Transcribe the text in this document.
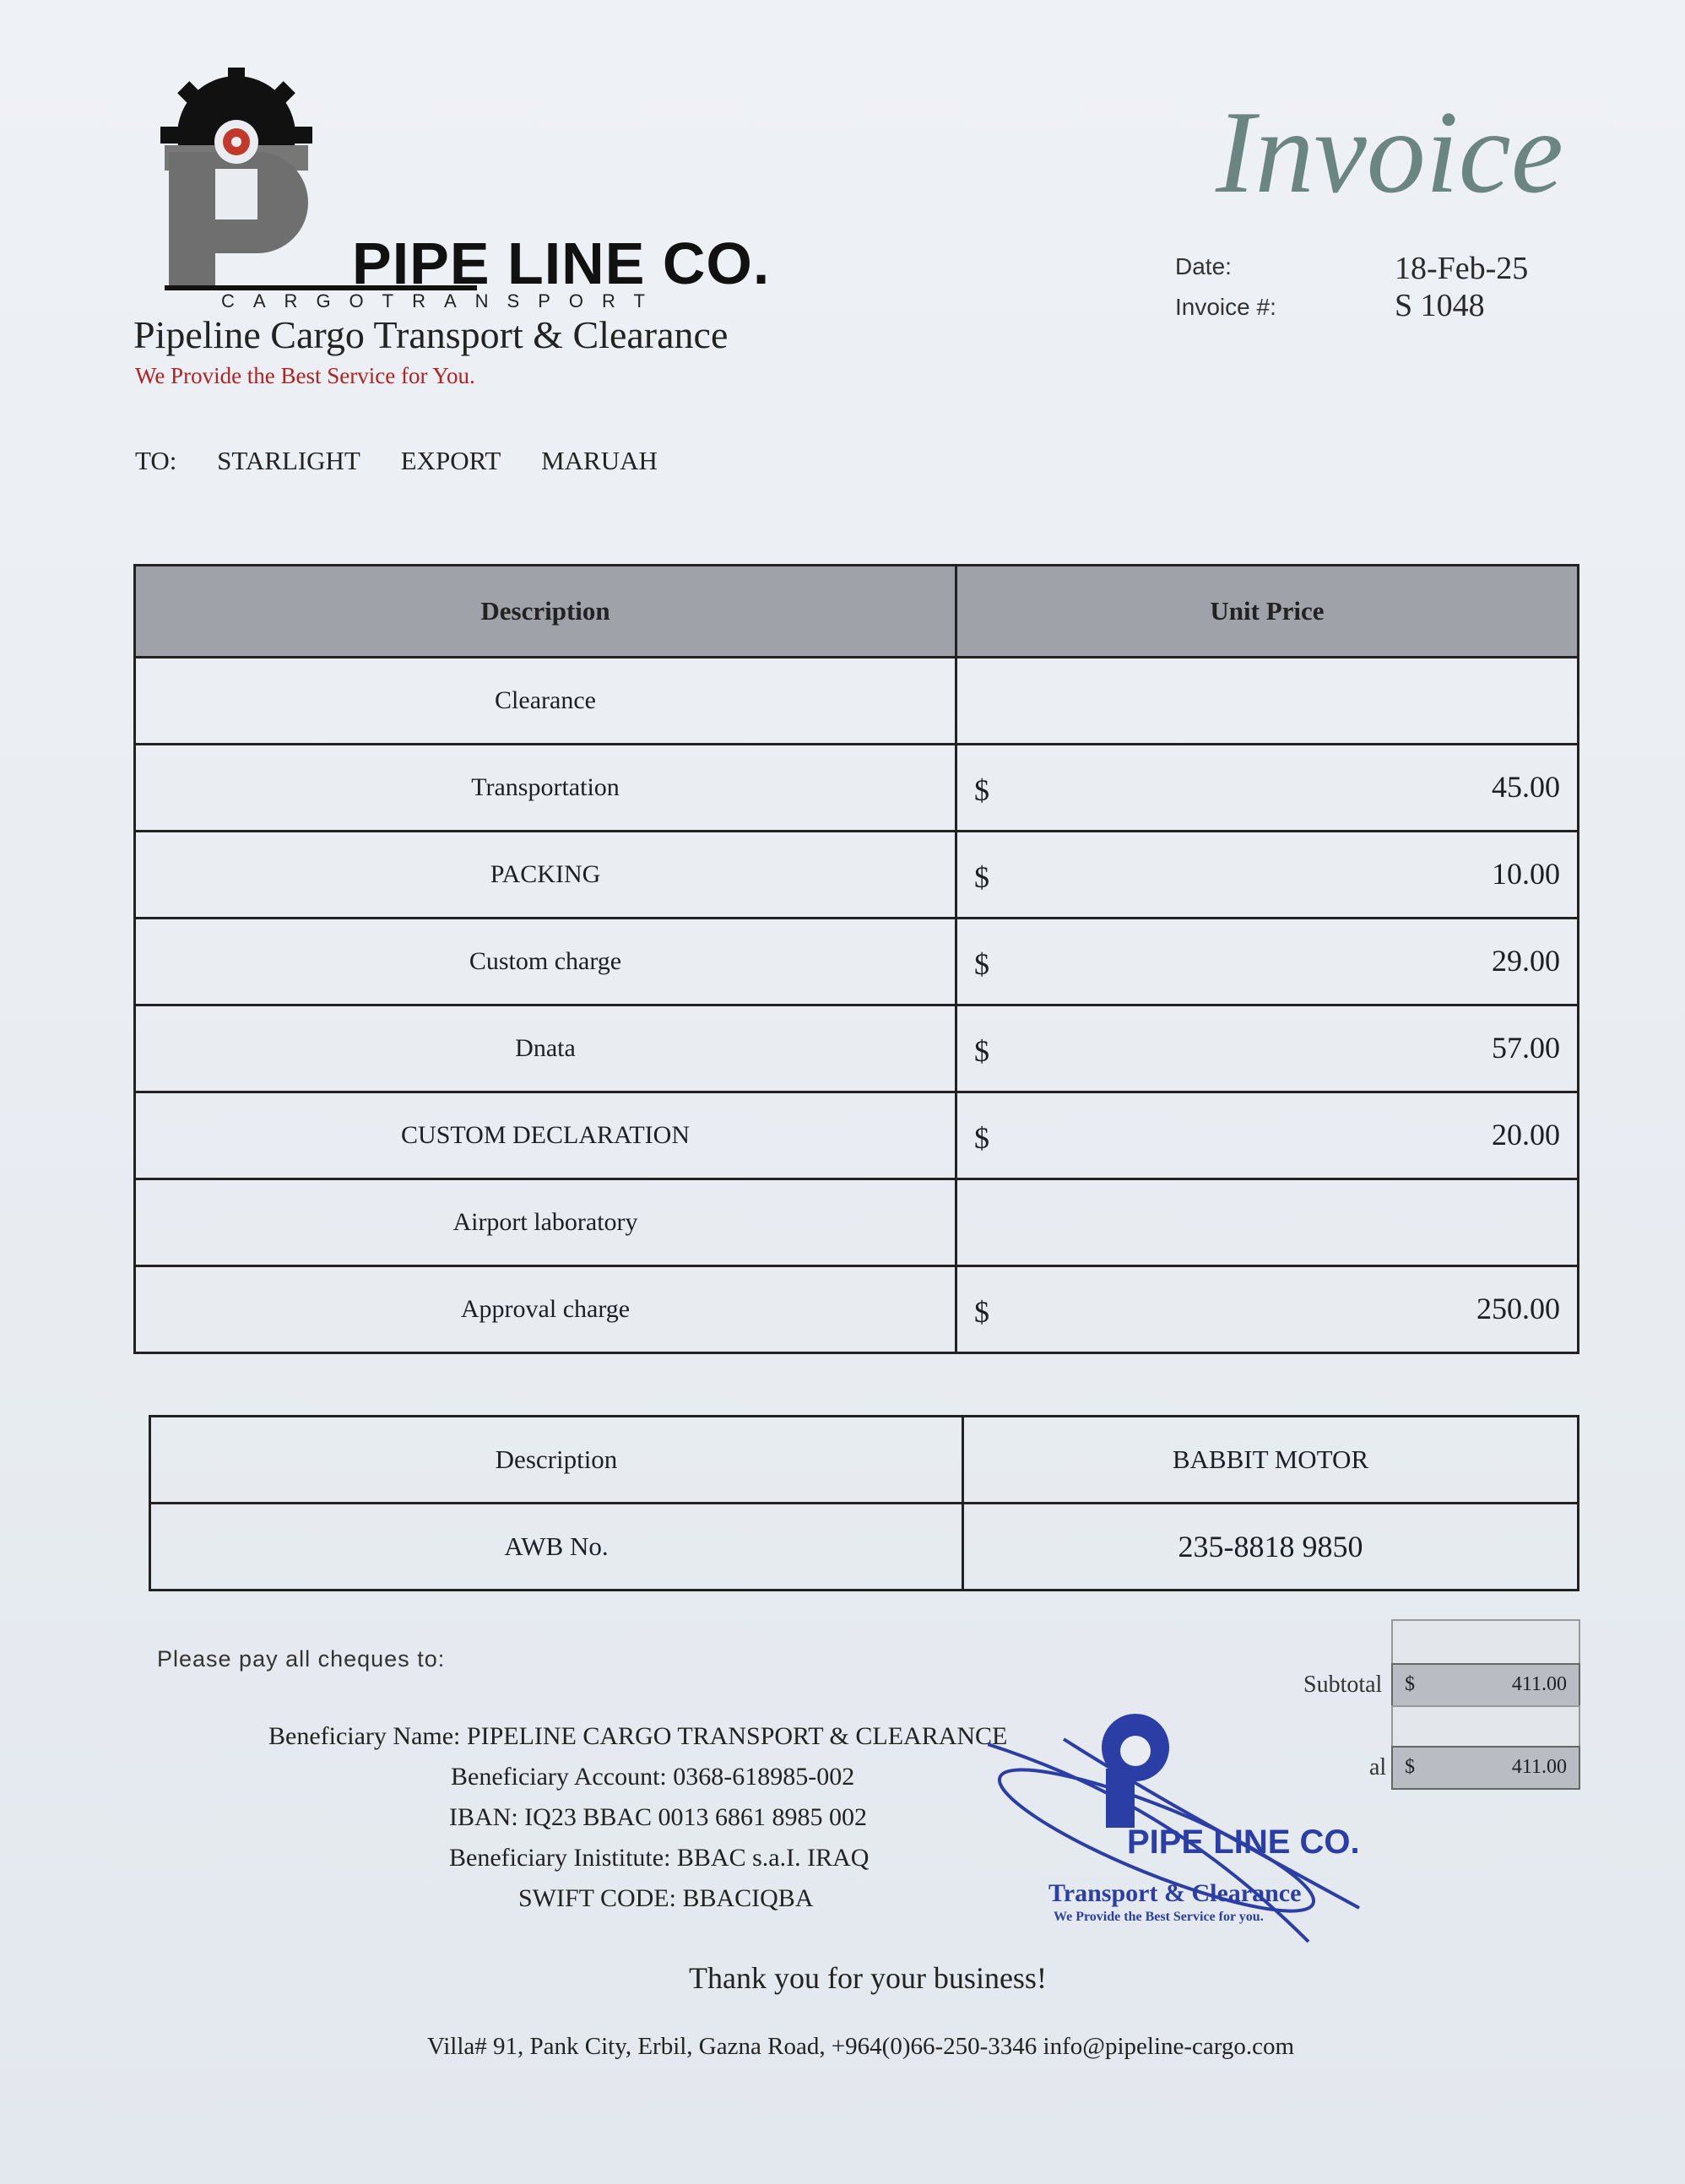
PIPE LINE CO.
CARGOTRANSPORT
Pipeline Cargo Transport & Clearance
We Provide the Best Service for You.
Invoice
Date:	18-Feb-25
Invoice #:	S 1048
TO: STARLIGHT EXPORT MARUAH
Description	Unit Price
Clearance	

Transportation	$ 45.00

PACKING	$ 10.00

Custom charge	$ 29.00

Dnata	$ 57.00

CUSTOM DECLARATION	$ 20.00

Airport laboratory	

Approval charge	$ 250.00
Description	BABBIT MOTOR
AWB No.	235-8818 9850
Please pay all cheques to:
Beneficiary Name: PIPELINE CARGO TRANSPORT & CLEARANCE
Beneficiary Account: 0368-618985-002
IBAN: IQ23 BBAC 0013 6861 8985 002
Beneficiary Inistitute: BBAC s.a.I. IRAQ
SWIFT CODE: BBACIQBA
Subtotal $	411.00
al $	411.00
PIPE LINE CO.
Transport & Clearance
We Provide the Best Service for you.
Thank you for your business!
Villa# 91, Pank City, Erbil, Gazna Road, +964(0)66-250-3346 info@pipeline-cargo.com
